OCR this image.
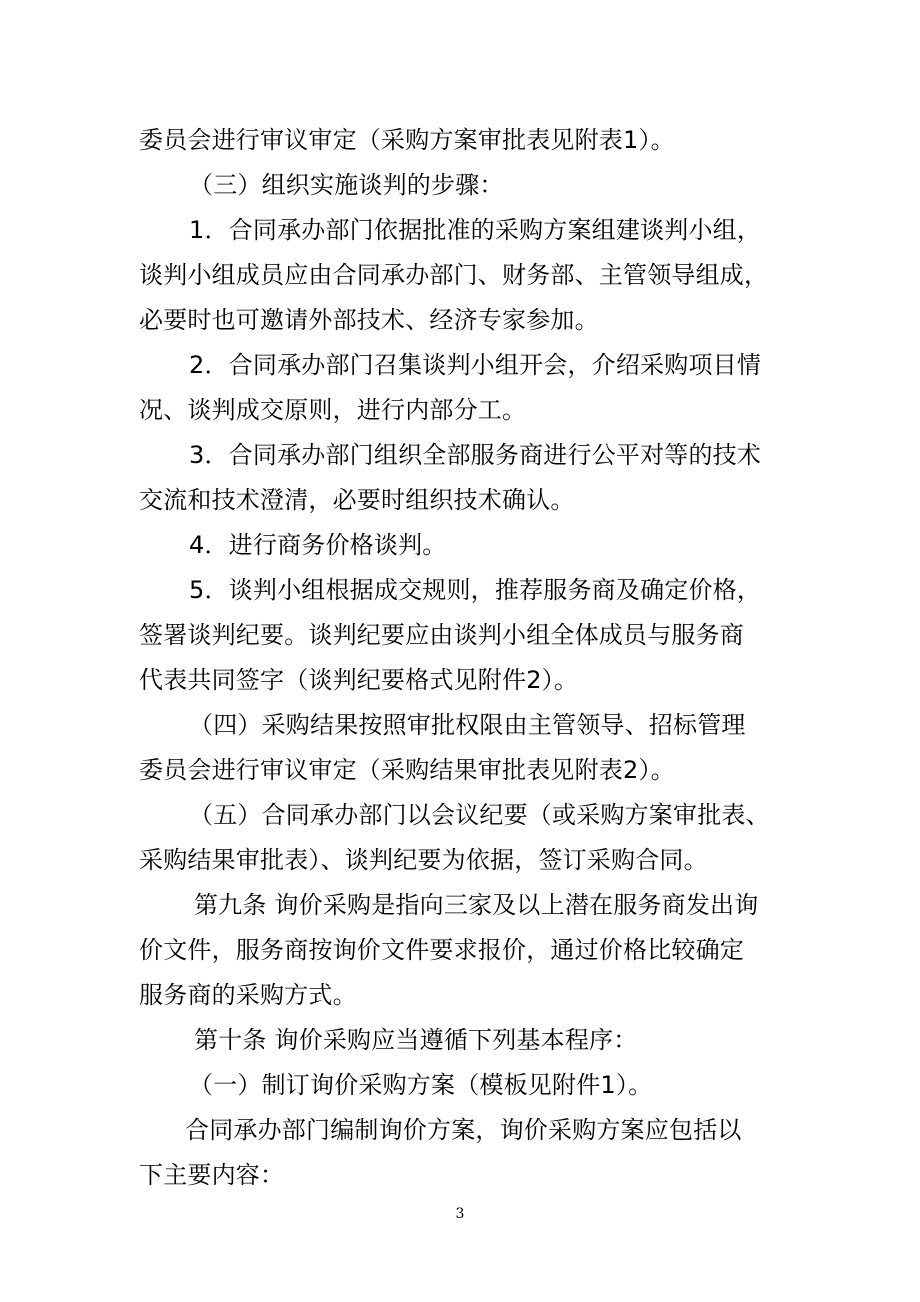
委员会进行审议审定（采购方案审批表见附表1）。
（三）组织实施谈判的步骤：
1．合同承办部门依据批准的采购方案组建谈判小组，
谈判小组成员应由合同承办部门、财务部、主管领导组成，
必要时也可邀请外部技术、经济专家参加。
2．合同承办部门召集谈判小组开会，介绍采购项目情
况、谈判成交原则，进行内部分工。
3．合同承办部门组织全部服务商进行公平对等的技术
交流和技术澄清，必要时组织技术确认。
4．进行商务价格谈判。
5．谈判小组根据成交规则，推荐服务商及确定价格，
签署谈判纪要。谈判纪要应由谈判小组全体成员与服务商
代表共同签字（谈判纪要格式见附件2）。
（四）采购结果按照审批权限由主管领导、招标管理
委员会进行审议审定（采购结果审批表见附表2）。
（五）合同承办部门以会议纪要（或采购方案审批表、
采购结果审批表）、谈判纪要为依据，签订采购合同。
第九条 询价采购是指向三家及以上潜在服务商发出询
价文件，服务商按询价文件要求报价，通过价格比较确定
服务商的采购方式。
第十条 询价采购应当遵循下列基本程序：
（一）制订询价采购方案（模板见附件1）。
合同承办部门编制询价方案，询价采购方案应包括以
下主要内容：
3
